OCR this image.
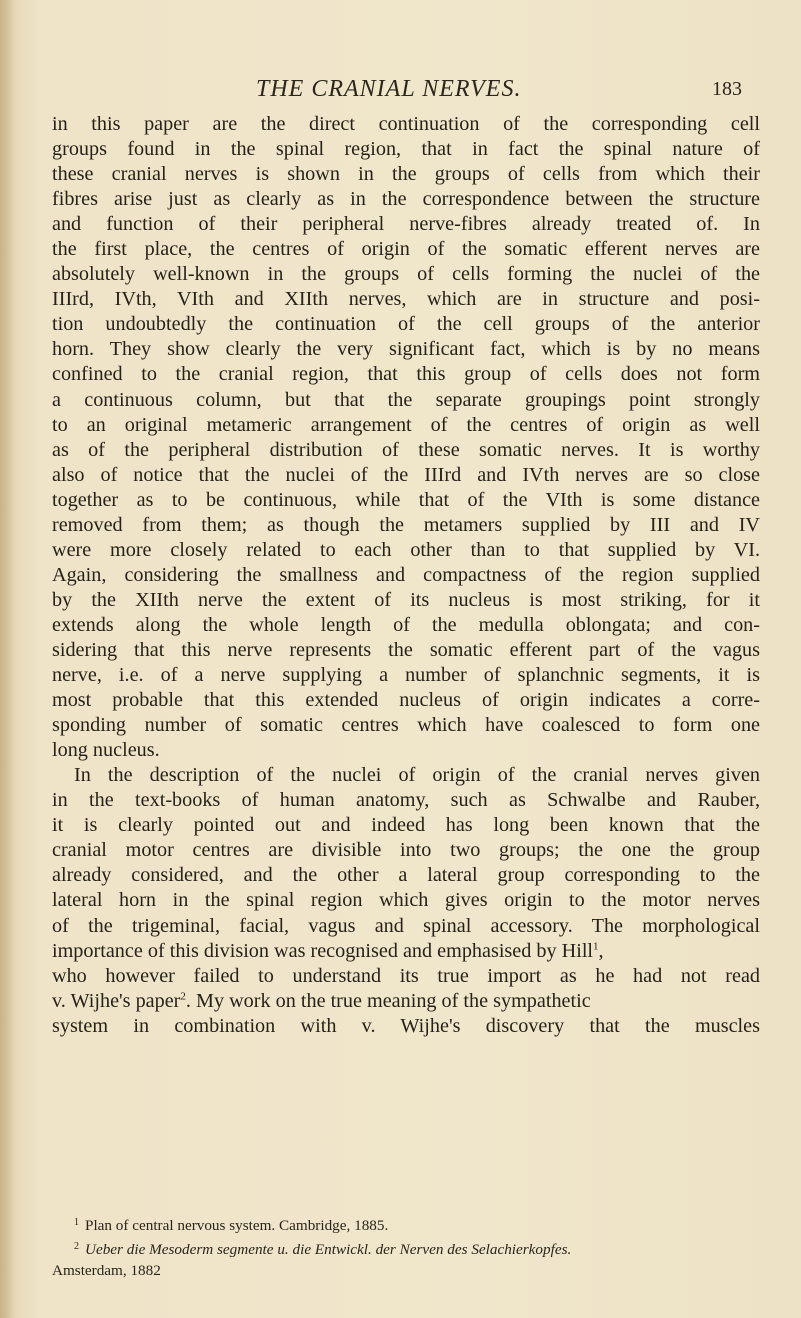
THE CRANIAL NERVES.	183
in this paper are the direct continuation of the corresponding cell
groups found in the spinal region, that in fact the spinal nature of
these cranial nerves is shown in the groups of cells from which their
fibres arise just as clearly as in the correspondence between the structure
and function of their peripheral nerve-fibres already treated of. In
the first place, the centres of origin of the somatic efferent nerves are
absolutely well-known in the groups of cells forming the nuclei of the
IIIrd, IVth, VIth and XIIth nerves, which are in structure and posi-
tion undoubtedly the continuation of the cell groups of the anterior
horn. They show clearly the very significant fact, which is by no means
confined to the cranial region, that this group of cells does not form
a continuous column, but that the separate groupings point strongly
to an original metameric arrangement of the centres of origin as well
as of the peripheral distribution of these somatic nerves. It is worthy
also of notice that the nuclei of the IIIrd and IVth nerves are so close
together as to be continuous, while that of the VIth is some distance
removed from them; as though the metamers supplied by III and IV
were more closely related to each other than to that supplied by VI.
Again, considering the smallness and compactness of the region supplied
by the XIIth nerve the extent of its nucleus is most striking, for it
extends along the whole length of the medulla oblongata; and con-
sidering that this nerve represents the somatic efferent part of the vagus
nerve, i.e. of a nerve supplying a number of splanchnic segments, it is
most probable that this extended nucleus of origin indicates a corre-
sponding number of somatic centres which have coalesced to form one
long nucleus.
In the description of the nuclei of origin of the cranial nerves given
in the text-books of human anatomy, such as Schwalbe and Rauber,
it is clearly pointed out and indeed has long been known that the
cranial motor centres are divisible into two groups; the one the group
already considered, and the other a lateral group corresponding to the
lateral horn in the spinal region which gives origin to the motor nerves
of the trigeminal, facial, vagus and spinal accessory. The morphological
importance of this division was recognised and emphasised by Hill$^1$,
who however failed to understand its true import as he had not read
v. Wijhe's paper$^2$. My work on the true meaning of the sympathetic
system in combination with v. Wijhe's discovery that the muscles
$^1$ Plan of central nervous system. Cambridge, 1885.
$^2$ Ueber die Mesoderm segmente u. die Entwickl. der Nerven des Selachierkopfes.
Amsterdam, 1882
